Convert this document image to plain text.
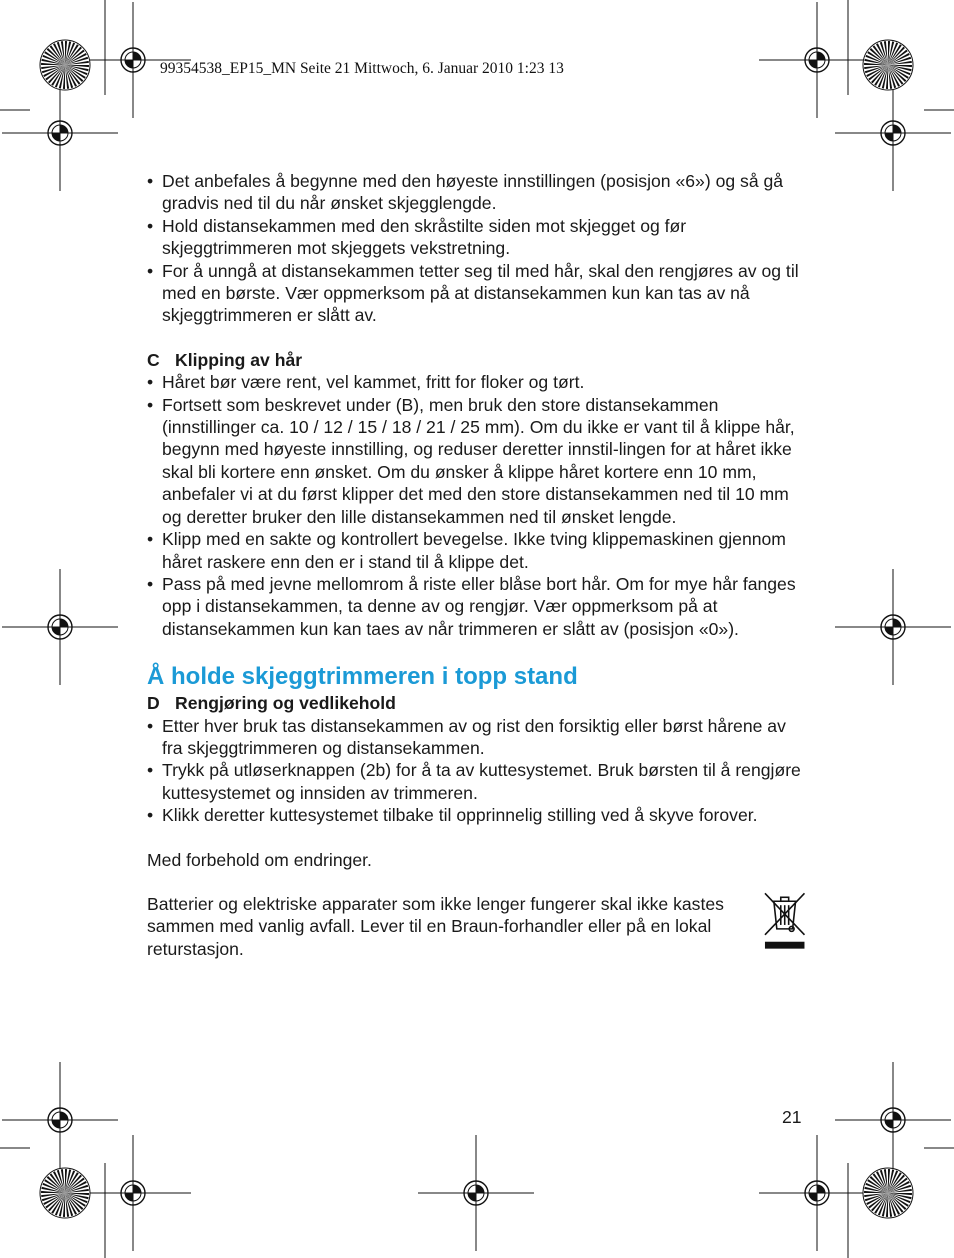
99354538_EP15_MN Seite 21 Mittwoch, 6. Januar 2010 1:23 13
• Det anbefales å begynne med den høyeste innstillingen (posisjon «6») og så gå gradvis ned til du når ønsket skjegglengde.
• Hold distansekammen med den skråstilte siden mot skjegget og før skjeggtrimmeren mot skjeggets vekstretning.
• For å unngå at distansekammen tetter seg til med hår, skal den rengjøres av og til med en børste. Vær oppmerksom på at distansekammen kun kan tas av nå skjeggtrimmeren er slått av.

C Klipping av hår

• Håret bør være rent, vel kammet, fritt for floker og tørt.
• Fortsett som beskrevet under (B), men bruk den store distansekammen (innstillinger ca. 10 / 12 / 15 / 18 / 21 / 25 mm). Om du ikke er vant til å klippe hår, begynn med høyeste innstilling, og reduser deretter innstil-lingen for at håret ikke skal bli kortere enn ønsket. Om du ønsker å klippe håret kortere enn 10 mm, anbefaler vi at du først klipper det med den store distansekammen ned til 10 mm og deretter bruker den lille distansekammen ned til ønsket lengde.
• Klipp med en sakte og kontrollert bevegelse. Ikke tving klippemaskinen gjennom håret raskere enn den er i stand til å klippe det.
• Pass på med jevne mellomrom å riste eller blåse bort hår. Om for mye hår fanges opp i distansekammen, ta denne av og rengjør. Vær oppmerksom på at distansekammen kun kan taes av når trimmeren er slått av (posisjon «0»).
Å holde skjeggtrimmeren i topp stand

D Rengjøring og vedlikehold

• Etter hver bruk tas distansekammen av og rist den forsiktig eller børst hårene av fra skjeggtrimmeren og distansekammen.
• Trykk på utløserknappen (2b) for å ta av kuttesystemet. Bruk børsten til å rengjøre kuttesystemet og innsiden av trimmeren.
• Klikk deretter kuttesystemet tilbake til opprinnelig stilling ved å skyve forover.

Med forbehold om endringer.

Batterier og elektriske apparater som ikke lenger fungerer skal ikke kastes sammen med vanlig avfall. Lever til en Braun-forhandler eller på en lokal returstasjon.

21
